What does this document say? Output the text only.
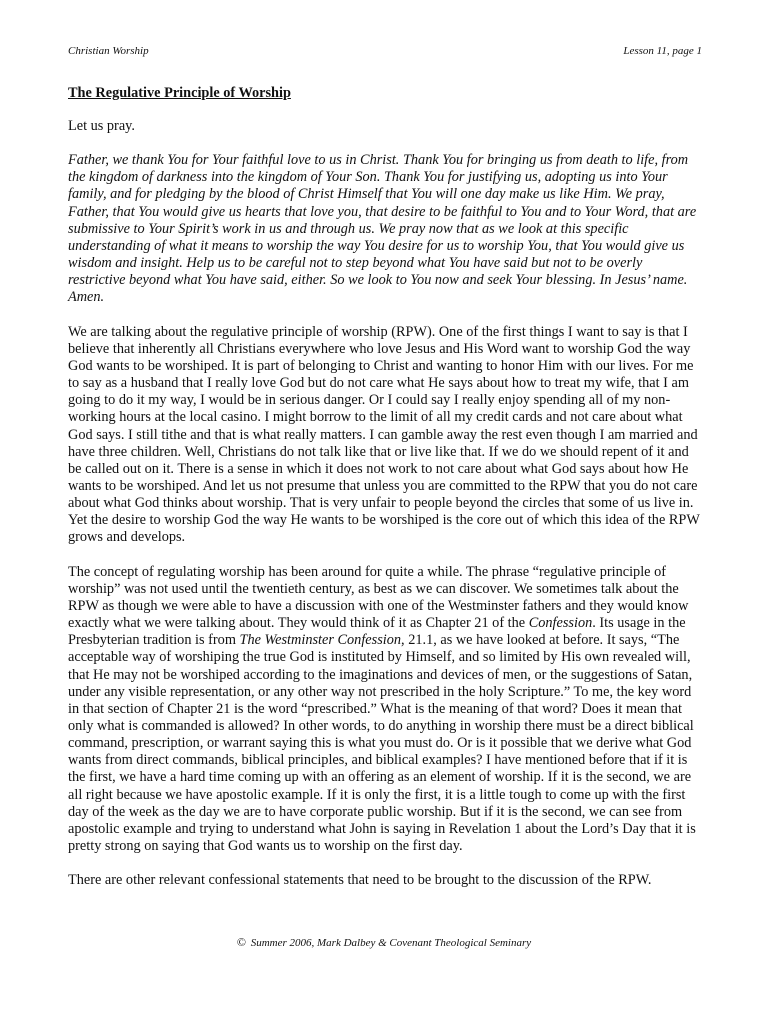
Christian Worship	Lesson 11, page 1
The Regulative Principle of Worship

Let us pray.

Father, we thank You for Your faithful love to us in Christ. Thank You for bringing us from death to life, from the kingdom of darkness into the kingdom of Your Son. Thank You for justifying us, adopting us into Your family, and for pledging by the blood of Christ Himself that You will one day make us like Him. We pray, Father, that You would give us hearts that love you, that desire to be faithful to You and to Your Word, that are submissive to Your Spirit’s work in us and through us. We pray now that as we look at this specific understanding of what it means to worship the way You desire for us to worship You, that You would give us wisdom and insight. Help us to be careful not to step beyond what You have said but not to be overly restrictive beyond what You have said, either. So we look to You now and seek Your blessing. In Jesus’ name. Amen.

We are talking about the regulative principle of worship (RPW). One of the first things I want to say is that I believe that inherently all Christians everywhere who love Jesus and His Word want to worship God the way God wants to be worshiped. It is part of belonging to Christ and wanting to honor Him with our lives. For me to say as a husband that I really love God but do not care what He says about how to treat my wife, that I am going to do it my way, I would be in serious danger. Or I could say I really enjoy spending all of my non-working hours at the local casino. I might borrow to the limit of all my credit cards and not care about what God says. I still tithe and that is what really matters. I can gamble away the rest even though I am married and have three children. Well, Christians do not talk like that or live like that. If we do we should repent of it and be called out on it. There is a sense in which it does not work to not care about what God says about how He wants to be worshiped. And let us not presume that unless you are committed to the RPW that you do not care about what God thinks about worship. That is very unfair to people beyond the circles that some of us live in. Yet the desire to worship God the way He wants to be worshiped is the core out of which this idea of the RPW grows and develops.

The concept of regulating worship has been around for quite a while. The phrase “regulative principle of worship” was not used until the twentieth century, as best as we can discover. We sometimes talk about the RPW as though we were able to have a discussion with one of the Westminster fathers and they would know exactly what we were talking about. They would think of it as Chapter 21 of the Confession. Its usage in the Presbyterian tradition is from The Westminster Confession, 21.1, as we have looked at before. It says, “The acceptable way of worshiping the true God is instituted by Himself, and so limited by His own revealed will, that He may not be worshiped according to the imaginations and devices of men, or the suggestions of Satan, under any visible representation, or any other way not prescribed in the holy Scripture.” To me, the key word in that section of Chapter 21 is the word “prescribed.” What is the meaning of that word? Does it mean that only what is commanded is allowed? In other words, to do anything in worship there must be a direct biblical command, prescription, or warrant saying this is what you must do. Or is it possible that we derive what God wants from direct commands, biblical principles, and biblical examples? I have mentioned before that if it is the first, we have a hard time coming up with an offering as an element of worship. If it is the second, we are all right because we have apostolic example. If it is only the first, it is a little tough to come up with the first day of the week as the day we are to have corporate public worship. But if it is the second, we can see from apostolic example and trying to understand what John is saying in Revelation 1 about the Lord’s Day that it is pretty strong on saying that God wants us to worship on the first day.

There are other relevant confessional statements that need to be brought to the discussion of the RPW.

© Summer 2006, Mark Dalbey & Covenant Theological Seminary
